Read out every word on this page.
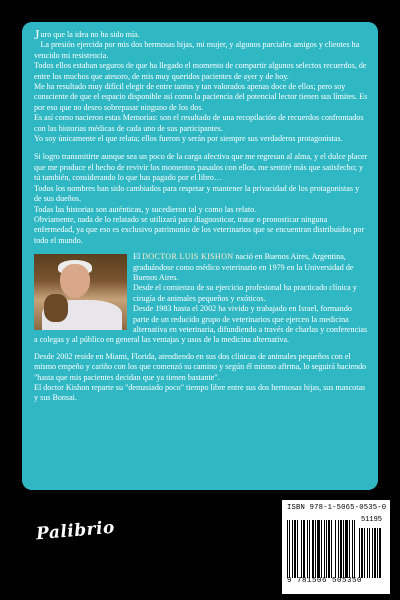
Juro que la idea no ha sido mía.

La presión ejercida por mis dos hermosas hijas, mi mujer, y algunos parciales amigos y clientes ha vencido mi resistencia.

Todos ellos estaban seguros de que ha llegado el momento de compartir algunos selectos recuerdos, de entre los muchos que atesoro, de mis muy queridos pacientes de ayer y de hoy.

Me ha resultado muy difícil elegir de entre tantos y tan valorados apenas doce de ellos; pero soy consciente de que el espacio disponible así como la paciencia del potencial lector tienen sus límites. Es por eso que no deseo sobrepasar ninguno de los dos.

Es así como nacieron estas Memorias: son el resultado de una recopilación de recuerdos confrontados con las historias médicas de cada uno de sus participantes.

Yo soy únicamente el que relata; ellos fueron y serán por siempre sus verdaderos protagonistas.

Si logro transmitirte aunque sea un poco de la carga afectiva que me regresan al alma, y el dulce placer que me produce el hecho de revivir los momentos pasados con ellos, me sentiré más que satisfecho; y tú también, considerando lo que has pagado por el libro…

Todos los nombres han sido cambiados para respetar y mantener la privacidad de los protagonistas y de sus dueños.

Todas las historias son auténticas, y sucedieron tal y como las relato.

Obviamente, nada de lo relatado se utilizará para diagnosticar, tratar o pronosticar ninguna enfermedad, ya que eso es exclusivo patrimonio de los veterinarios que se encuentran distribuidos por todo el mundo.

El DOCTOR LUIS KISHON nació en Buenos Aires, Argentina, graduándose como médico veterinario en 1979 en la Universidad de Buenos Aires.

Desde el comienzo de su ejercicio profesional ha practicado clínica y cirugía de animales pequeños y exóticos.

Desde 1983 hasta el 2002 ha vivido y trabajado en Israel, formando parte de un reducido grupo de veterinarios que ejercen la medicina alternativa en veterinaria, difundiendo a través de charlas y conferencias a colegas y al público en general las ventajas y usos de la medicina alternativa.

Desde 2002 reside en Miami, Florida, atendiendo en sus dos clínicas de animales pequeños con el mismo empeño y cariño con los que comenzó su camino y según él mismo afirma, lo seguirá haciendo "hasta que mis pacientes decidan que ya tienen bastante".

El doctor Kishon reparte su "demasiado poco" tiempo libre entre sus dos hermosas hijas, sus mascotas y sus Bonsai.

Palibrio
ISBN 978-1-5065-0535-0
51195
9 781506 505350
